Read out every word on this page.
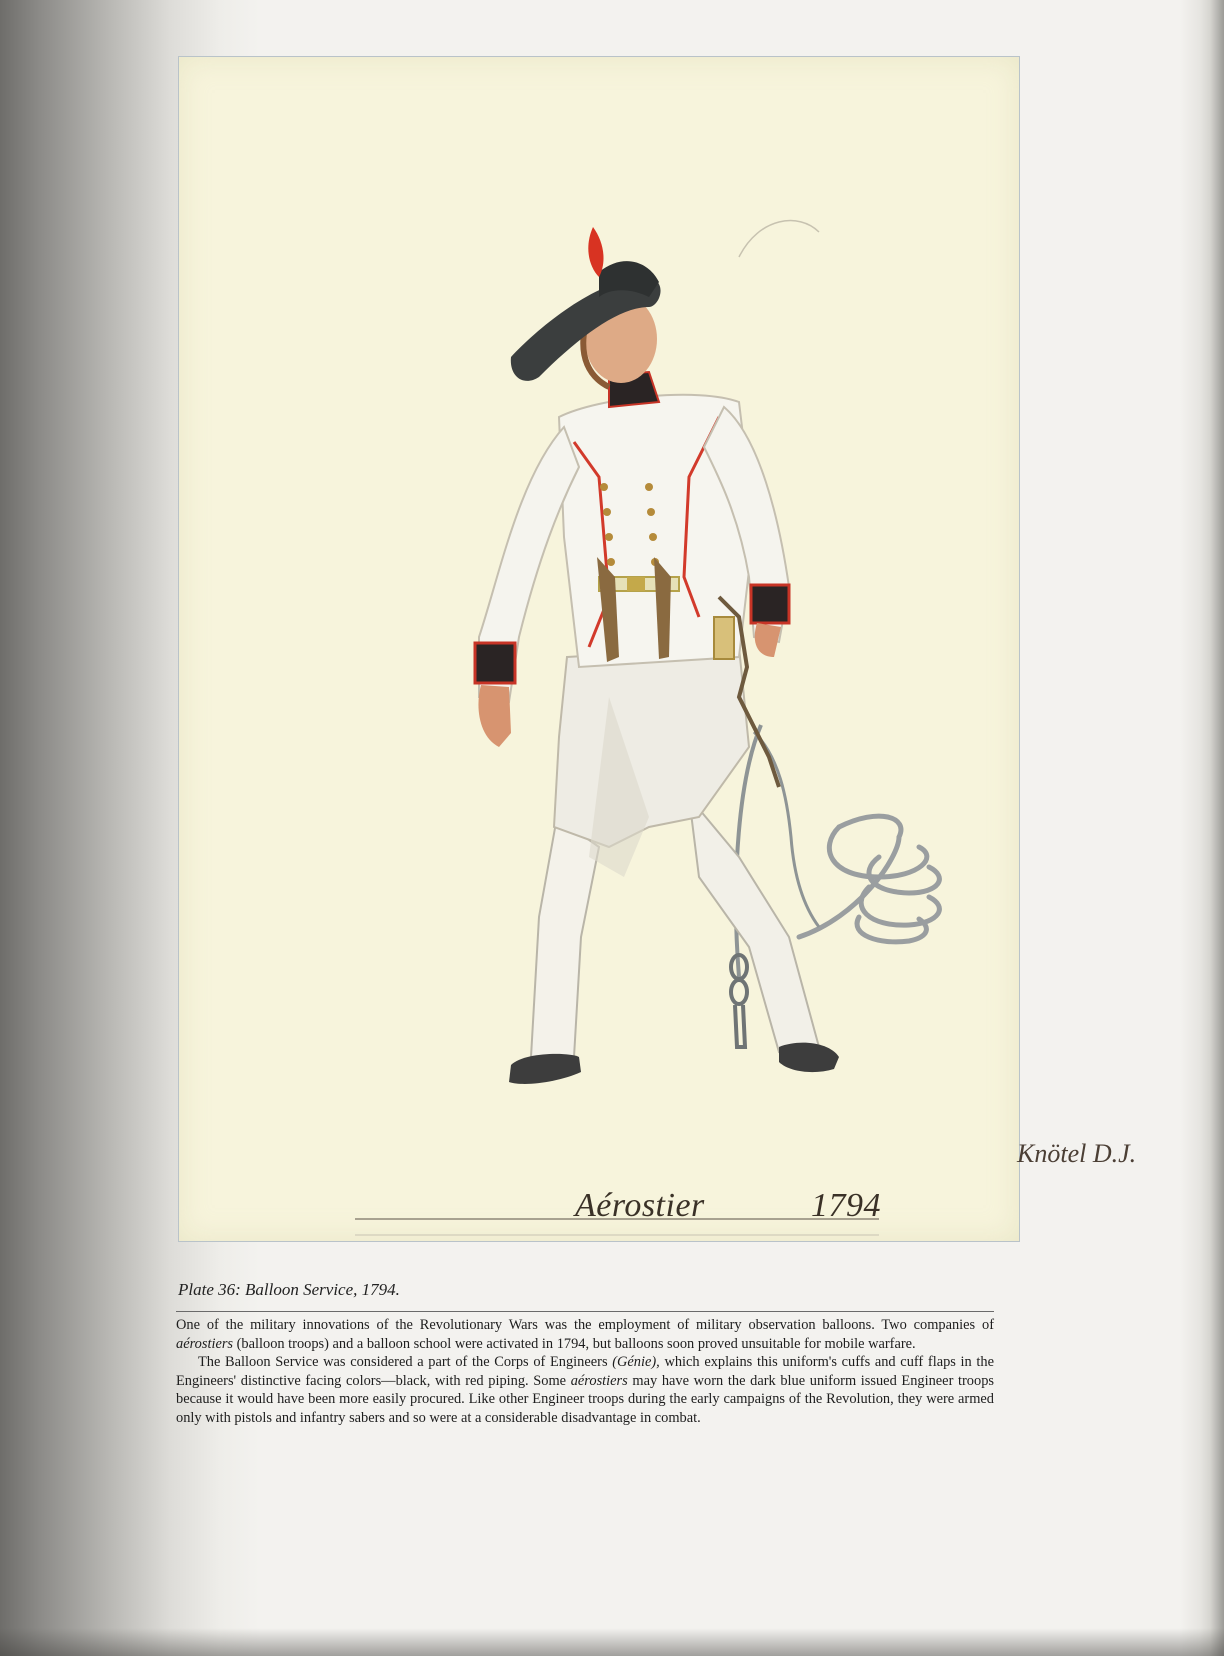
Aérostier	1794
Knötel D.J.
Plate 36: Balloon Service, 1794.

One of the military innovations of the Revolutionary Wars was the employment of military observation balloons. Two companies of aérostiers (balloon troops) and a balloon school were activated in 1794, but balloons soon proved unsuitable for mobile warfare.

The Balloon Service was considered a part of the Corps of Engineers (Génie), which explains this uniform's cuffs and cuff flaps in the Engineers' distinctive facing colors—black, with red piping. Some aérostiers may have worn the dark blue uniform issued Engineer troops because it would have been more easily procured. Like other Engineer troops during the early campaigns of the Revolution, they were armed only with pistols and infantry sabers and so were at a considerable disadvantage in combat.
